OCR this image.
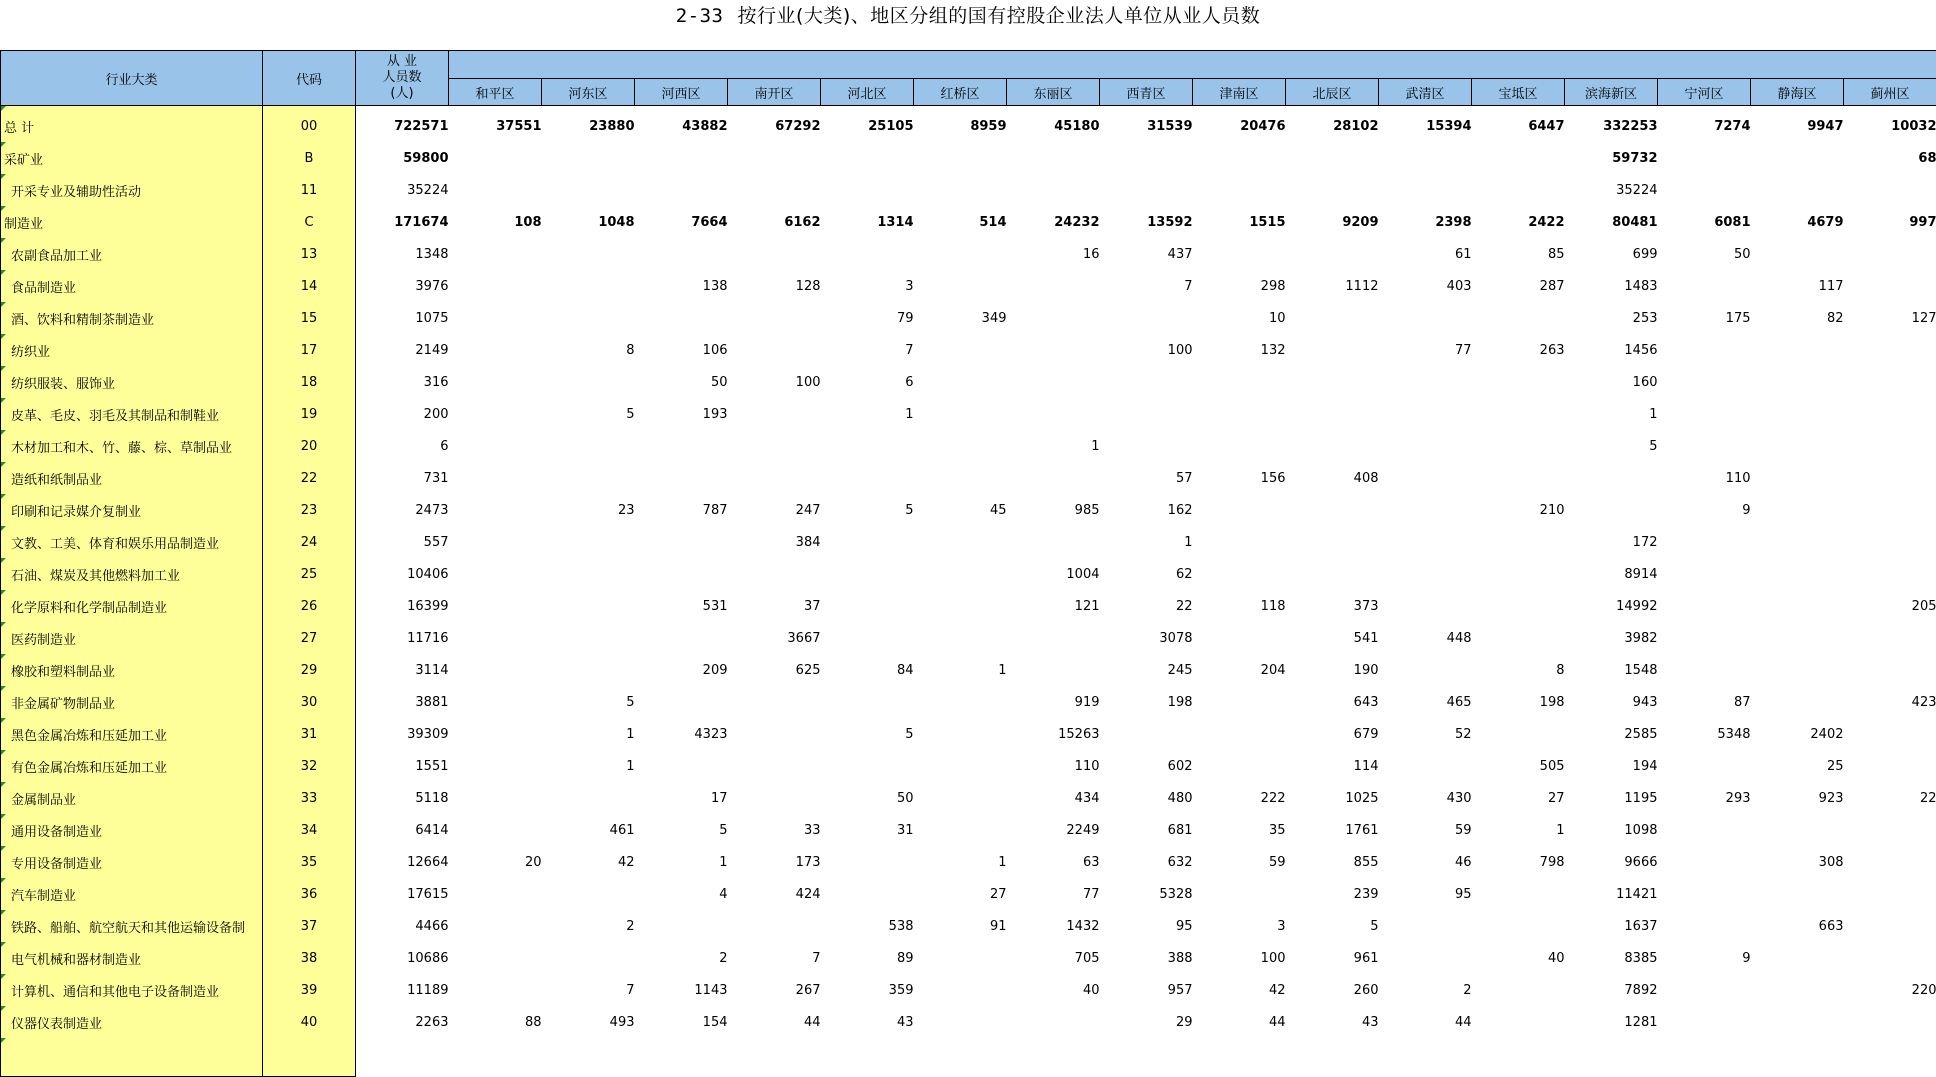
2-33 按行业(大类)、地区分组的国有控股企业法人单位从业人员数
行业大类	代码	从 业
人员数
(人)																

			和平区	河东区	河西区	南开区	河北区	红桥区	东丽区	西青区	津南区	北辰区	武清区	宝坻区	滨海新区	宁河区	静海区	蓟州区
总 计	00	722571	37551	23880	43882	67292	25105	8959	45180	31539	20476	28102	15394	6447	332253	7274	9947	10032
采矿业	B	59800													59732			68
开采专业及辅助性活动	11	35224													35224			
制造业	C	171674	108	1048	7664	6162	1314	514	24232	13592	1515	9209	2398	2422	80481	6081	4679	997
农副食品加工业	13	1348							16	437			61	85	699	50		
食品制造业	14	3976			138	128	3			7	298	1112	403	287	1483		117	
酒、饮料和精制茶制造业	15	1075					79	349			10				253	175	82	127
纺织业	17	2149		8	106		7			100	132		77	263	1456			
纺织服装、服饰业	18	316			50	100	6								160			
皮革、毛皮、羽毛及其制品和制鞋业	19	200		5	193		1								1			
木材加工和木、竹、藤、棕、草制品业	20	6							1						5			
造纸和纸制品业	22	731								57	156	408				110		
印刷和记录媒介复制业	23	2473		23	787	247	5	45	985	162				210		9		
文教、工美、体育和娱乐用品制造业	24	557				384				1					172			
石油、煤炭及其他燃料加工业	25	10406							1004	62					8914			
化学原料和化学制品制造业	26	16399			531	37			121	22	118	373			14992			205
医药制造业	27	11716				3667				3078		541	448		3982			
橡胶和塑料制品业	29	3114			209	625	84	1		245	204	190		8	1548			
非金属矿物制品业	30	3881		5					919	198		643	465	198	943	87		423
黑色金属冶炼和压延加工业	31	39309		1	4323		5		15263			679	52		2585	5348	2402	
有色金属冶炼和压延加工业	32	1551		1					110	602		114		505	194		25	
金属制品业	33	5118			17		50		434	480	222	1025	430	27	1195	293	923	22
通用设备制造业	34	6414		461	5	33	31		2249	681	35	1761	59	1	1098			
专用设备制造业	35	12664	20	42	1	173		1	63	632	59	855	46	798	9666		308	
汽车制造业	36	17615			4	424		27	77	5328		239	95		11421			
铁路、船舶、航空航天和其他运输设备制	37	4466		2			538	91	1432	95	3	5			1637		663	
电气机械和器材制造业	38	10686			2	7	89		705	388	100	961		40	8385	9		
计算机、通信和其他电子设备制造业	39	11189		7	1143	267	359		40	957	42	260	2		7892			220
仪器仪表制造业	40	2263	88	493	154	44	43			29	44	43	44		1281			
